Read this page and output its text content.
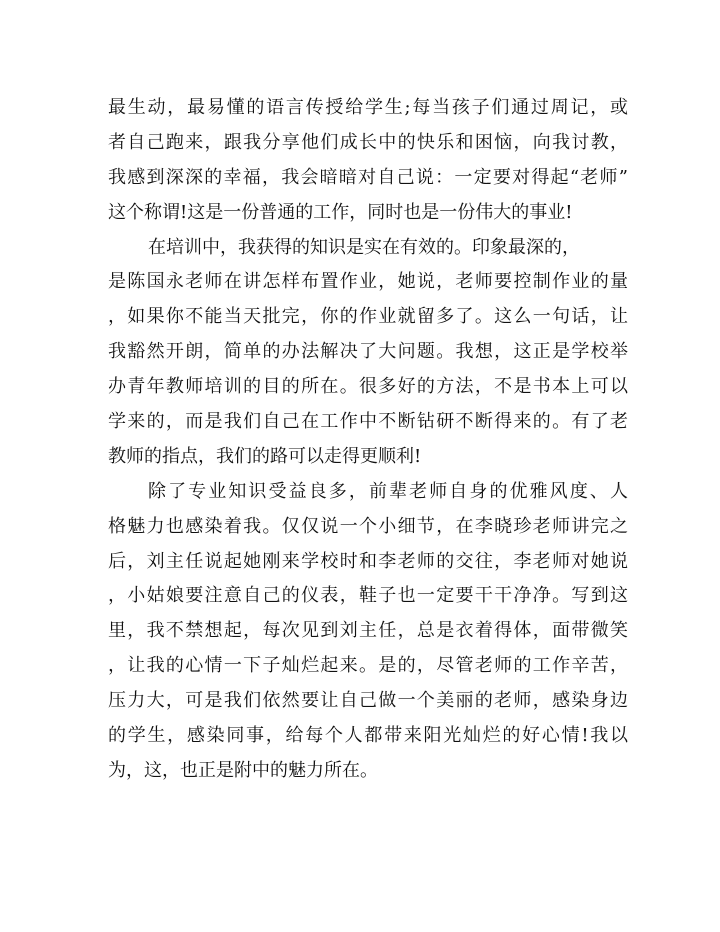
最生动，最易懂的语言传授给学生;每当孩子们通过周记，或
者自己跑来，跟我分享他们成长中的快乐和困恼，向我讨教，
我感到深深的幸福，我会暗暗对自己说：一定要对得起“老师”
这个称谓!这是一份普通的工作，同时也是一份伟大的事业!
在培训中，我获得的知识是实在有效的。印象最深的，
是陈国永老师在讲怎样布置作业，她说，老师要控制作业的量
，如果你不能当天批完，你的作业就留多了。这么一句话，让
我豁然开朗，简单的办法解决了大问题。我想，这正是学校举
办青年教师培训的目的所在。很多好的方法，不是书本上可以
学来的，而是我们自己在工作中不断钻研不断得来的。有了老
教师的指点，我们的路可以走得更顺利!
除了专业知识受益良多，前辈老师自身的优雅风度、人
格魅力也感染着我。仅仅说一个小细节，在李晓珍老师讲完之
后，刘主任说起她刚来学校时和李老师的交往，李老师对她说
，小姑娘要注意自己的仪表，鞋子也一定要干干净净。写到这
里，我不禁想起，每次见到刘主任，总是衣着得体，面带微笑
，让我的心情一下子灿烂起来。是的，尽管老师的工作辛苦，
压力大，可是我们依然要让自己做一个美丽的老师，感染身边
的学生，感染同事，给每个人都带来阳光灿烂的好心情!我以
为，这，也正是附中的魅力所在。
